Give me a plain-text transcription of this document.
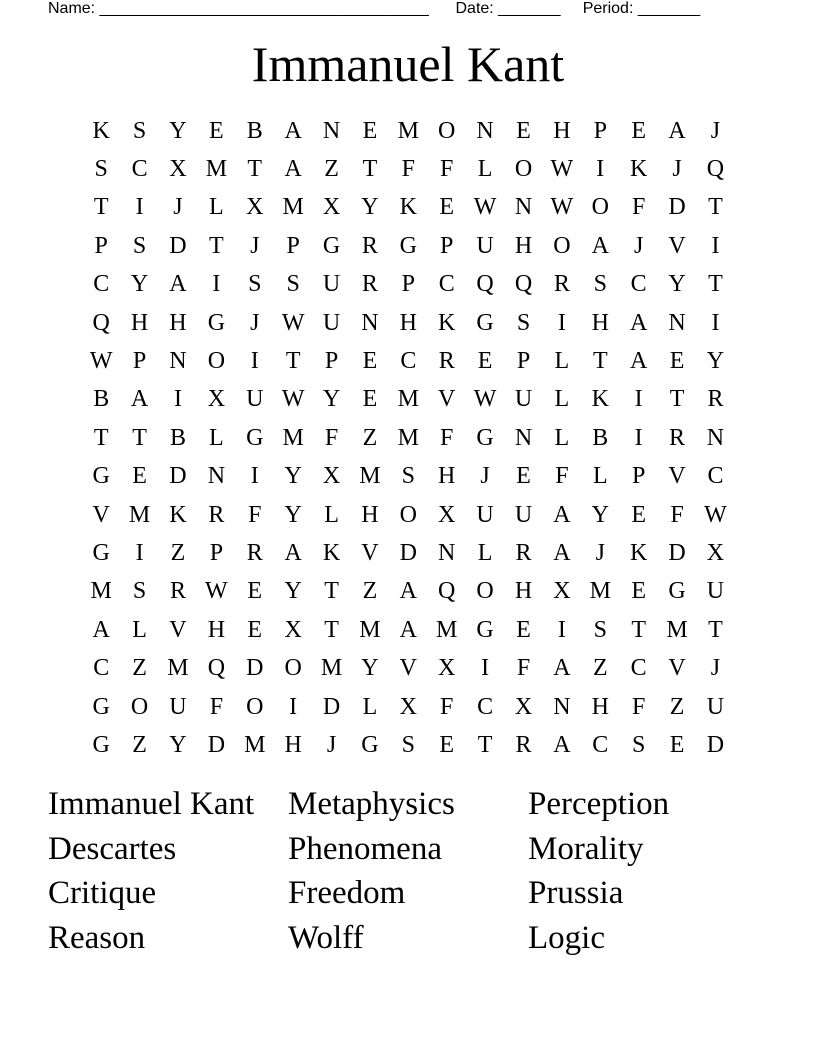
Name: _____________________________________ Date: _______ Period: _______
Immanuel Kant
K S Y E B A N E M O N E H P	E A	J
S C X M T A Z T	F	F	L O W I	K	J	Q
T	I	J	L X M X Y K E W N W O F D T
P	S D T	J	P G R G P U H O A	J	V	I
C Y A	I	S	S U R P C Q Q R S C Y T
Q H H G	J W U N H K G S	I	H A N	I
W P N O	I	T	P	E C R E	P	L T A E Y
B A	I	X U W Y E M V W U L K	I	T R
T T B L G M F	Z M F G N L B	I	R N
G E D N	I	Y X M S H	J	E	F	L	P V C
V M K R F Y L H O X U U A Y E	F W
G	I	Z	P R A K V D N L R A	J	K D X
M S R W E Y T Z A Q O H X M E G U
A L V H E X T M A M G E	I	S	T M T
C Z M Q D O M Y V X	I	F A Z C V	J
G O U F O	I	D L X F C X N H F	Z U
G Z Y D M H	J	G S	E T R A C S	E D
Immanuel Kant	Metaphysics	Perception
Descartes	Phenomena	Morality
Critique	Freedom	Prussia
Reason	Wolff	Logic
